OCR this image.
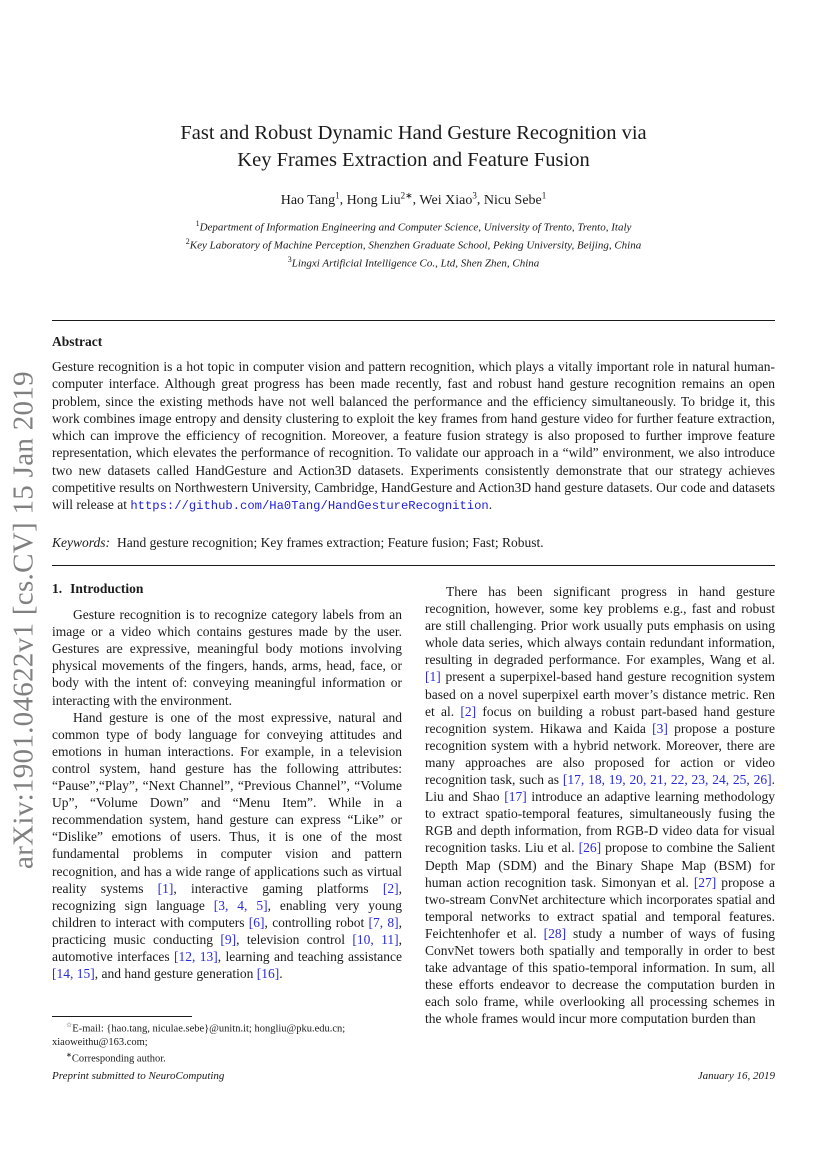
arXiv:1901.04622v1 [cs.CV] 15 Jan 2019
Fast and Robust Dynamic Hand Gesture Recognition via
Key Frames Extraction and Feature Fusion
Hao Tang$^1$, Hong Liu$^{2∗}$, Wei Xiao$^3$, Nicu Sebe$^1$
$^1$Department of Information Engineering and Computer Science, University of Trento, Trento, Italy
$^2$Key Laboratory of Machine Perception, Shenzhen Graduate School, Peking University, Beijing, China
$^3$Lingxi Artificial Intelligence Co., Ltd, Shen Zhen, China
Abstract
Gesture recognition is a hot topic in computer vision and pattern recognition, which plays a vitally important role in natural human-computer interface. Although great progress has been made recently, fast and robust hand gesture recognition remains an open problem, since the existing methods have not well balanced the performance and the efficiency simultaneously. To bridge it, this work combines image entropy and density clustering to exploit the key frames from hand gesture video for further feature extraction, which can improve the efficiency of recognition. Moreover, a feature fusion strategy is also proposed to further improve feature representation, which elevates the performance of recognition. To validate our approach in a “wild” environment, we also introduce two new datasets called HandGesture and Action3D datasets. Experiments consistently demonstrate that our strategy achieves competitive results on Northwestern University, Cambridge, HandGesture and Action3D hand gesture datasets. Our code and datasets will release at https://github.com/Ha0Tang/HandGestureRecognition.
Keywords: Hand gesture recognition; Key frames extraction; Feature fusion; Fast; Robust.
1. Introduction

Gesture recognition is to recognize category labels from an image or a video which contains gestures made by the user. Gestures are expressive, meaningful body motions involving physical movements of the fingers, hands, arms, head, face, or body with the intent of: conveying meaningful information or interacting with the environment.

Hand gesture is one of the most expressive, natural and common type of body language for conveying attitudes and emotions in human interactions. For example, in a television control system, hand gesture has the following attributes: “Pause”,“Play”, “Next Channel”, “Previous Channel”, “Volume Up”, “Volume Down” and “Menu Item”. While in a recommendation system, hand gesture can express “Like” or “Dislike” emotions of users. Thus, it is one of the most fundamental problems in computer vision and pattern recognition, and has a wide range of applications such as virtual reality systems [1], interactive gaming platforms [2], recognizing sign language [3, 4, 5], enabling very young children to interact with computers [6], controlling robot [7, 8], practicing music conducting [9], television control [10, 11], automotive interfaces [12, 13], learning and teaching assistance [14, 15], and hand gesture generation [16].

There has been significant progress in hand gesture recognition, however, some key problems e.g., fast and robust are still challenging. Prior work usually puts emphasis on using whole data series, which always contain redundant information, resulting in degraded performance. For examples, Wang et al. [1] present a superpixel-based hand gesture recognition system based on a novel superpixel earth mover’s distance metric. Ren et al. [2] focus on building a robust part-based hand gesture recognition system. Hikawa and Kaida [3] propose a posture recognition system with a hybrid network. Moreover, there are many approaches are also proposed for action or video recognition task, such as [17, 18, 19, 20, 21, 22, 23, 24, 25, 26]. Liu and Shao [17] introduce an adaptive learning methodology to extract spatio-temporal features, simultaneously fusing the RGB and depth information, from RGB-D video data for visual recognition tasks. Liu et al. [26] propose to combine the Salient Depth Map (SDM) and the Binary Shape Map (BSM) for human action recognition task. Simonyan et al. [27] propose a two-stream ConvNet architecture which incorporates spatial and temporal networks to extract spatial and temporal features. Feichtenhofer et al. [28] study a number of ways of fusing ConvNet towers both spatially and temporally in order to best take advantage of this spatio-temporal information. In sum, all these efforts endeavor to decrease the computation burden in each solo frame, while overlooking all processing schemes in the whole frames would incur more computation burden than

☆E-mail: {hao.tang, niculae.sebe}@unitn.it; hongliu@pku.edu.cn; xiaoweithu@163.com;

∗Corresponding author.

Preprint submitted to NeuroComputing	January 16, 2019
